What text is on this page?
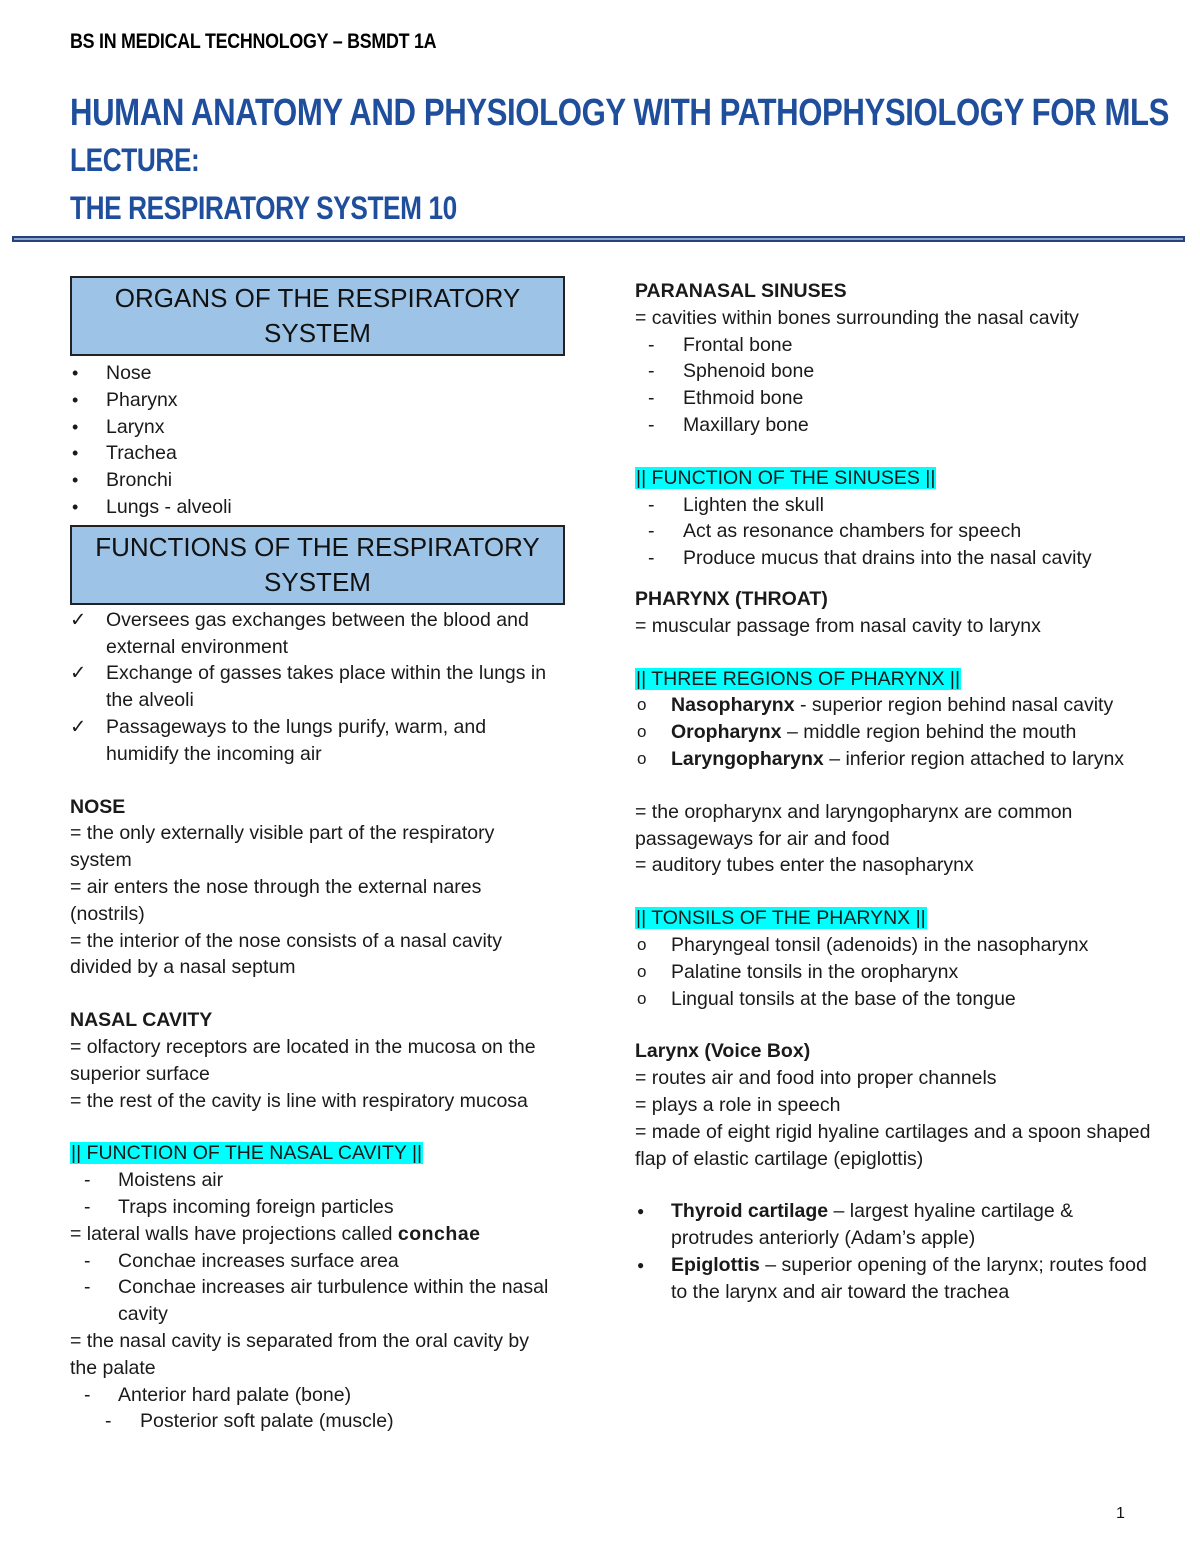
BS IN MEDICAL TECHNOLOGY – BSMDT 1A
HUMAN ANATOMY AND PHYSIOLOGY WITH PATHOPHYSIOLOGY FOR MLS
LECTURE:
THE RESPIRATORY SYSTEM 10
ORGANS OF THE RESPIRATORY SYSTEM
• Nose
• Pharynx
• Larynx
• Trachea
• Bronchi
• Lungs - alveoli
FUNCTIONS OF THE RESPIRATORY SYSTEM
✓ Oversees gas exchanges between the blood and external environment
✓ Exchange of gasses takes place within the lungs in the alveoli
✓ Passageways to the lungs purify, warm, and humidify the incoming air
NOSE
= the only externally visible part of the respiratory system
= air enters the nose through the external nares (nostrils)
= the interior of the nose consists of a nasal cavity divided by a nasal septum
NASAL CAVITY
= olfactory receptors are located in the mucosa on the superior surface
= the rest of the cavity is line with respiratory mucosa
|| FUNCTION OF THE NASAL CAVITY ||
- Moistens air
- Traps incoming foreign particles
= lateral walls have projections called conchae
- Conchae increases surface area
- Conchae increases air turbulence within the nasal cavity
= the nasal cavity is separated from the oral cavity by the palate
- Anterior hard palate (bone)
- Posterior soft palate (muscle)
PARANASAL SINUSES
= cavities within bones surrounding the nasal cavity
- Frontal bone
- Sphenoid bone
- Ethmoid bone
- Maxillary bone
|| FUNCTION OF THE SINUSES ||
- Lighten the skull
- Act as resonance chambers for speech
- Produce mucus that drains into the nasal cavity
PHARYNX (THROAT)
= muscular passage from nasal cavity to larynx
|| THREE REGIONS OF PHARYNX ||
o Nasopharynx - superior region behind nasal cavity
o Oropharynx – middle region behind the mouth
o Laryngopharynx – inferior region attached to larynx
= the oropharynx and laryngopharynx are common passageways for air and food
= auditory tubes enter the nasopharynx
|| TONSILS OF THE PHARYNX ||
o Pharyngeal tonsil (adenoids) in the nasopharynx
o Palatine tonsils in the oropharynx
o Lingual tonsils at the base of the tongue
Larynx (Voice Box)
= routes air and food into proper channels
= plays a role in speech
= made of eight rigid hyaline cartilages and a spoon shaped flap of elastic cartilage (epiglottis)
● Thyroid cartilage – largest hyaline cartilage & protrudes anteriorly (Adam’s apple)
● Epiglottis – superior opening of the larynx; routes food to the larynx and air toward the trachea
1
